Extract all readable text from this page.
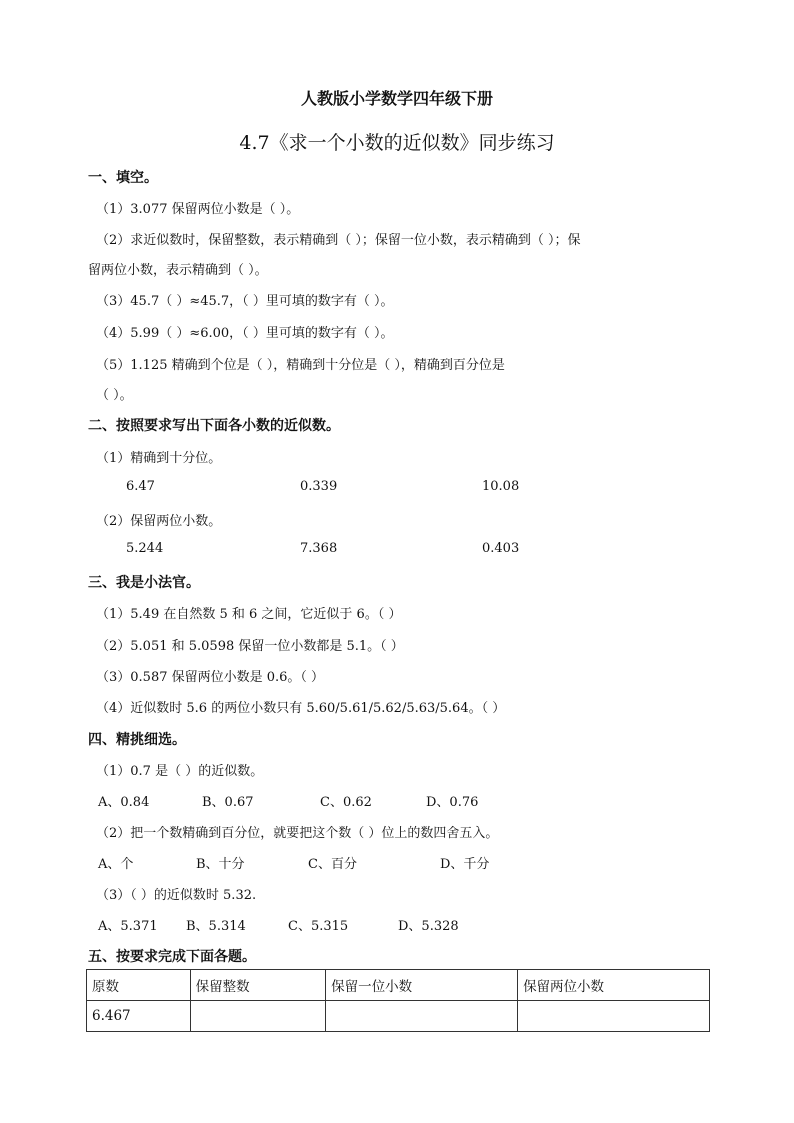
人教版小学数学四年级下册
4.7《求一个小数的近似数》同步练习
一、填空。
（1）3.077 保留两位小数是（ ）。
（2）求近似数时，保留整数，表示精确到（ ）；保留一位小数，表示精确到（ ）；保
留两位小数，表示精确到（ ）。
（3）45.7（ ）≈45.7，（ ）里可填的数字有（ ）。
（4）5.99（ ）≈6.00，（ ）里可填的数字有（ ）。
（5）1.125 精确到个位是（ ），精确到十分位是（ ），精确到百分位是
（ ）。
二、按照要求写出下面各小数的近似数。
（1）精确到十分位。
6.47	0.339	10.08
（2）保留两位小数。
5.244	7.368	0.403
三、我是小法官。
（1）5.49 在自然数 5 和 6 之间，它近似于 6。（ ）
（2）5.051 和 5.0598 保留一位小数都是 5.1。（ ）
（3）0.587 保留两位小数是 0.6。（ ）
（4）近似数时 5.6 的两位小数只有 5.60/5.61/5.62/5.63/5.64。（ ）
四、精挑细选。
（1）0.7 是（ ）的近似数。
A、0.84	B、0.67	C、0.62	D、0.76
（2）把一个数精确到百分位，就要把这个数（ ）位上的数四舍五入。
A、个	B、十分	C、百分	D、千分
（3）（ ）的近似数时 5.32.
A、5.371 B、5.314	C、5.315	D、5.328
五、按要求完成下面各题。
原数	保留整数	保留一位小数	保留两位小数
6.467			
